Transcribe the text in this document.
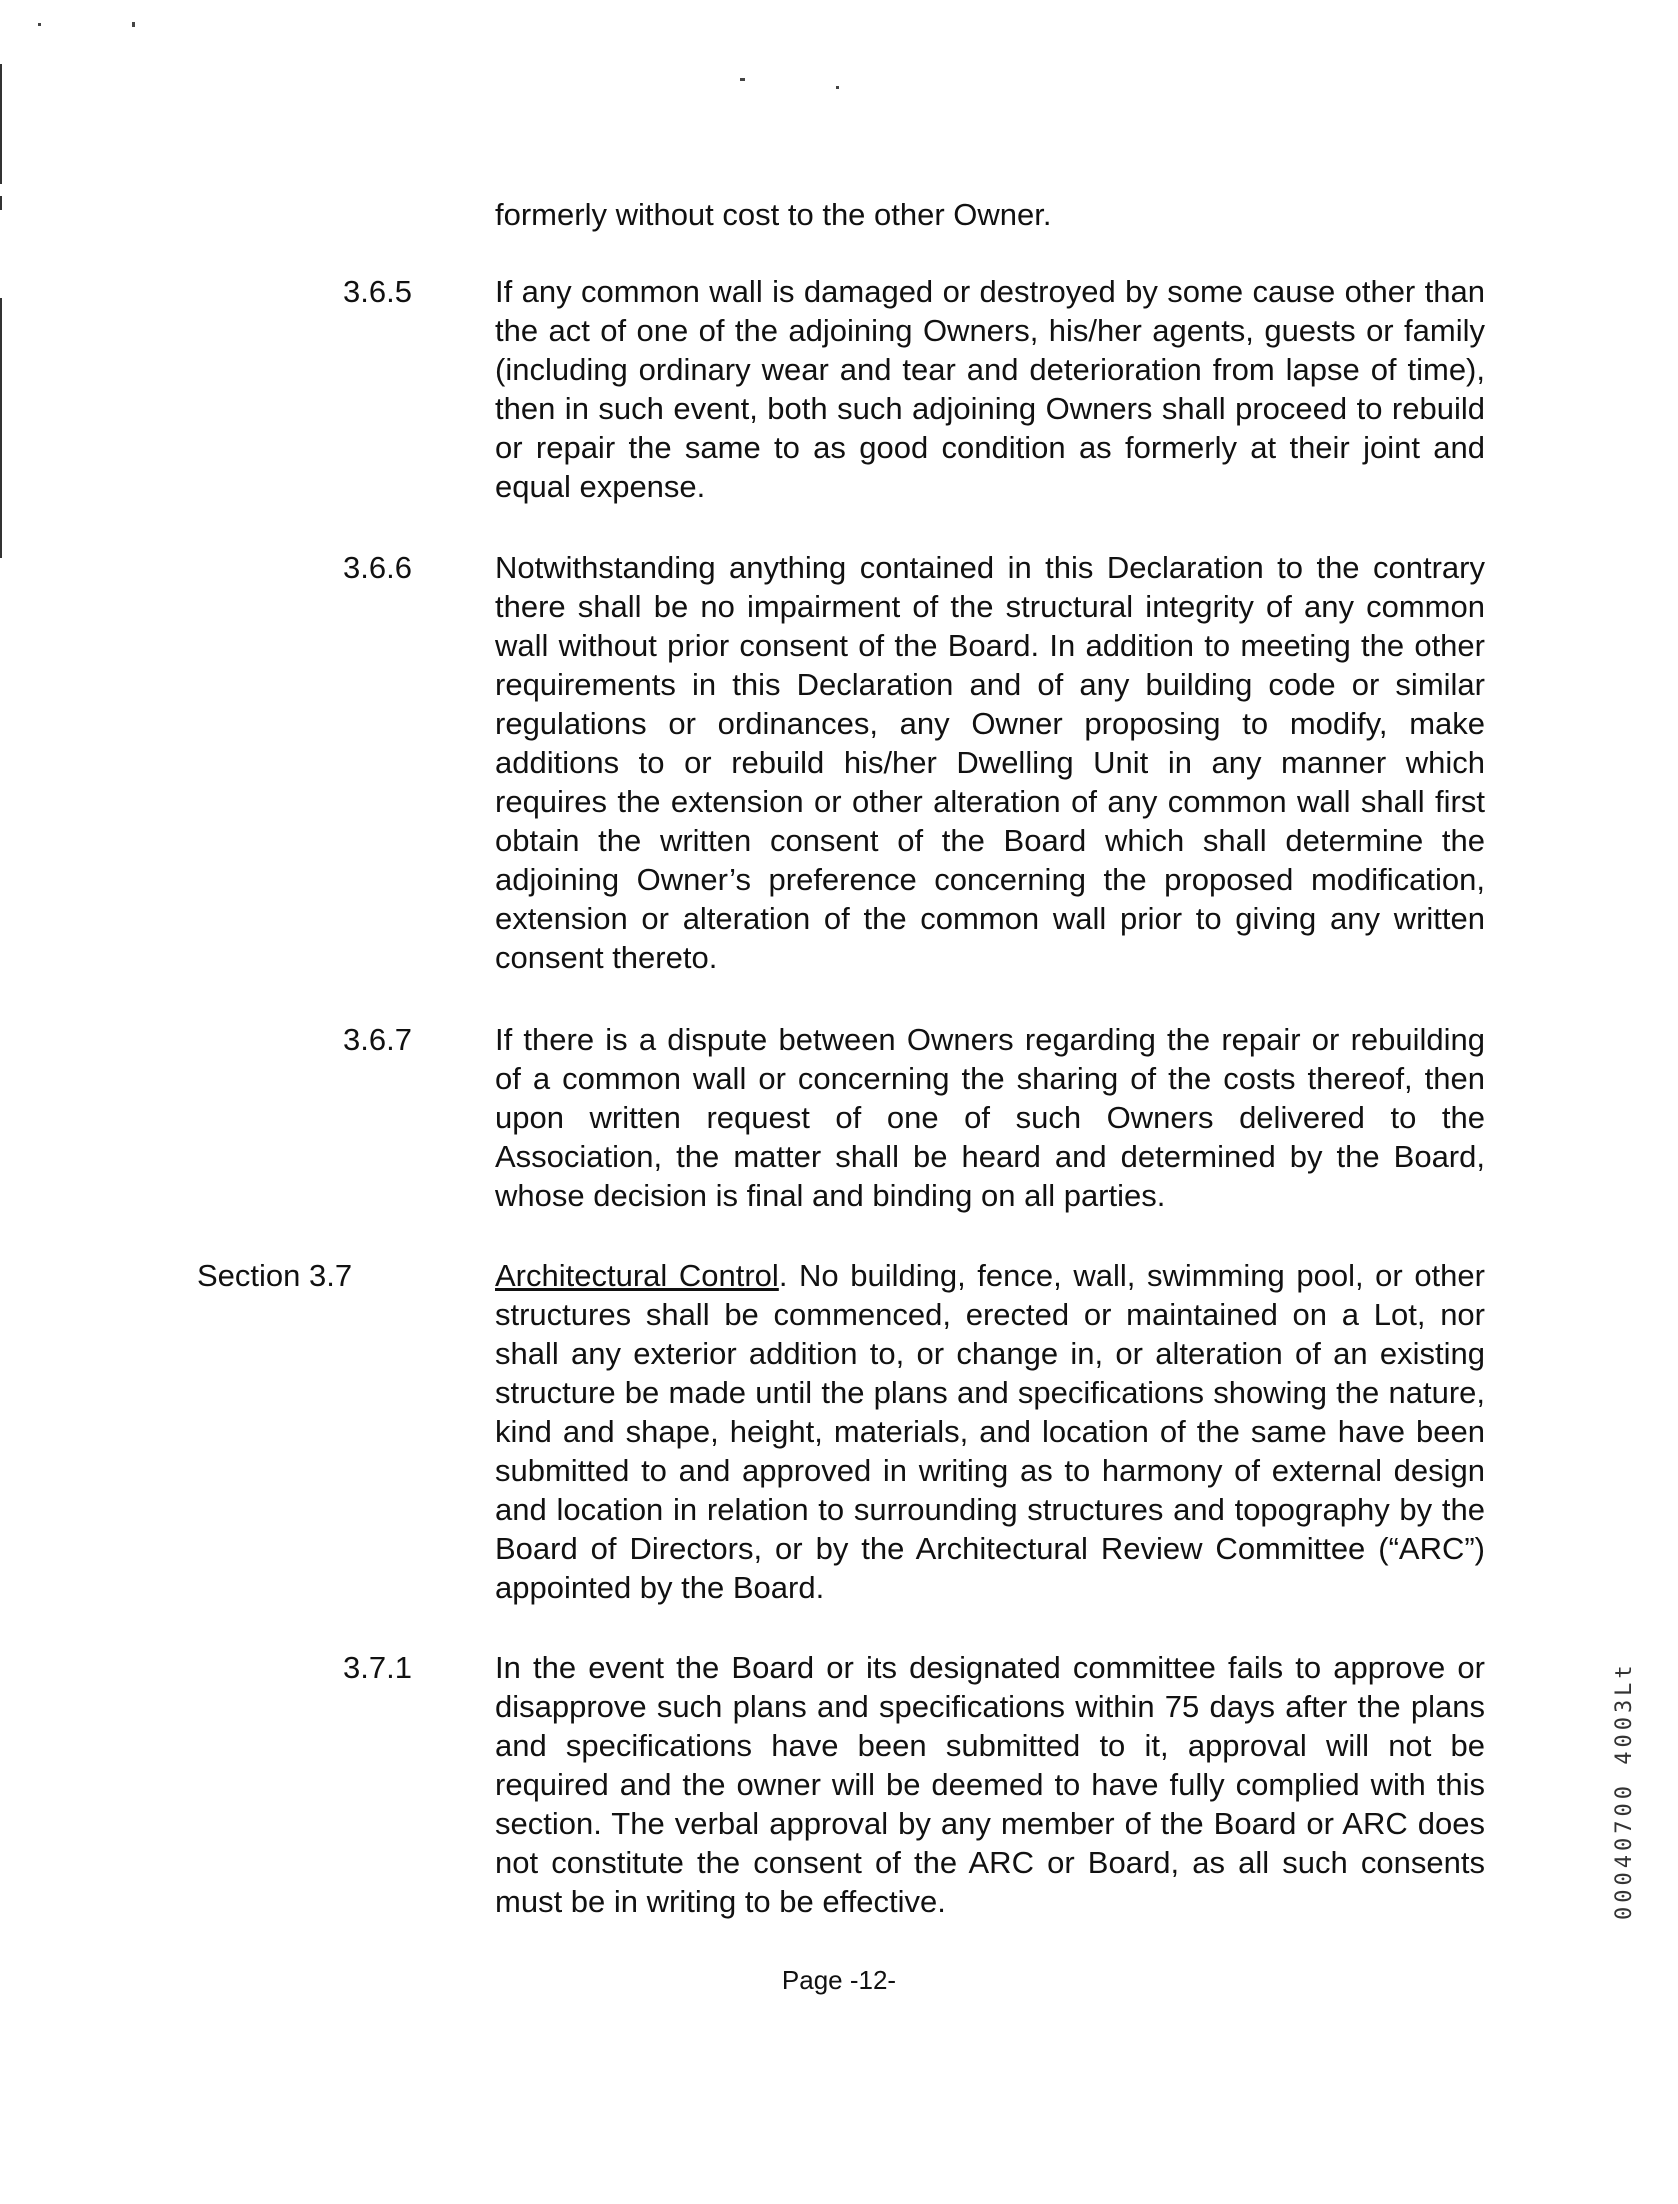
formerly without cost to the other Owner.

3.6.5	If any common wall is damaged or destroyed by some cause other than the act of one of the adjoining Owners, his/her agents, guests or family (including ordinary wear and tear and deterioration from lapse of time), then in such event, both such adjoining Owners shall proceed to rebuild or repair the same to as good condition as formerly at their joint and equal expense.
3.6.6	Notwithstanding anything contained in this Declaration to the contrary there shall be no impairment of the structural integrity of any common wall without prior consent of the Board. In addition to meeting the other requirements in this Declaration and of any building code or similar regulations or ordinances, any Owner proposing to modify, make additions to or rebuild his/her Dwelling Unit in any manner which requires the extension or other alteration of any common wall shall first obtain the written consent of the Board which shall determine the adjoining Owner’s preference concerning the proposed modification, extension or alteration of the common wall prior to giving any written consent thereto.
3.6.7	If there is a dispute between Owners regarding the repair or rebuilding of a common wall or concerning the sharing of the costs thereof, then upon written request of one of such Owners delivered to the Association, the matter shall be heard and determined by the Board, whose decision is final and binding on all parties.
Section 3.7	Architectural Control. No building, fence, wall, swimming pool, or other structures shall be commenced, erected or maintained on a Lot, nor shall any exterior addition to, or change in, or alteration of an existing structure be made until the plans and specifications showing the nature, kind and shape, height, materials, and location of the same have been submitted to and approved in writing as to harmony of external design and location in relation to surrounding structures and topography by the Board of Directors, or by the Architectural Review Committee (“ARC”) appointed by the Board.
3.7.1	In the event the Board or its designated committee fails to approve or disapprove such plans and specifications within 75 days after the plans and specifications have been submitted to it, approval will not be required and the owner will be deemed to have fully complied with this section. The verbal approval by any member of the Board or ARC does not constitute the consent of the ARC or Board, as all such consents must be in writing to be effective.
Page -12-
00040700 4003Lt
